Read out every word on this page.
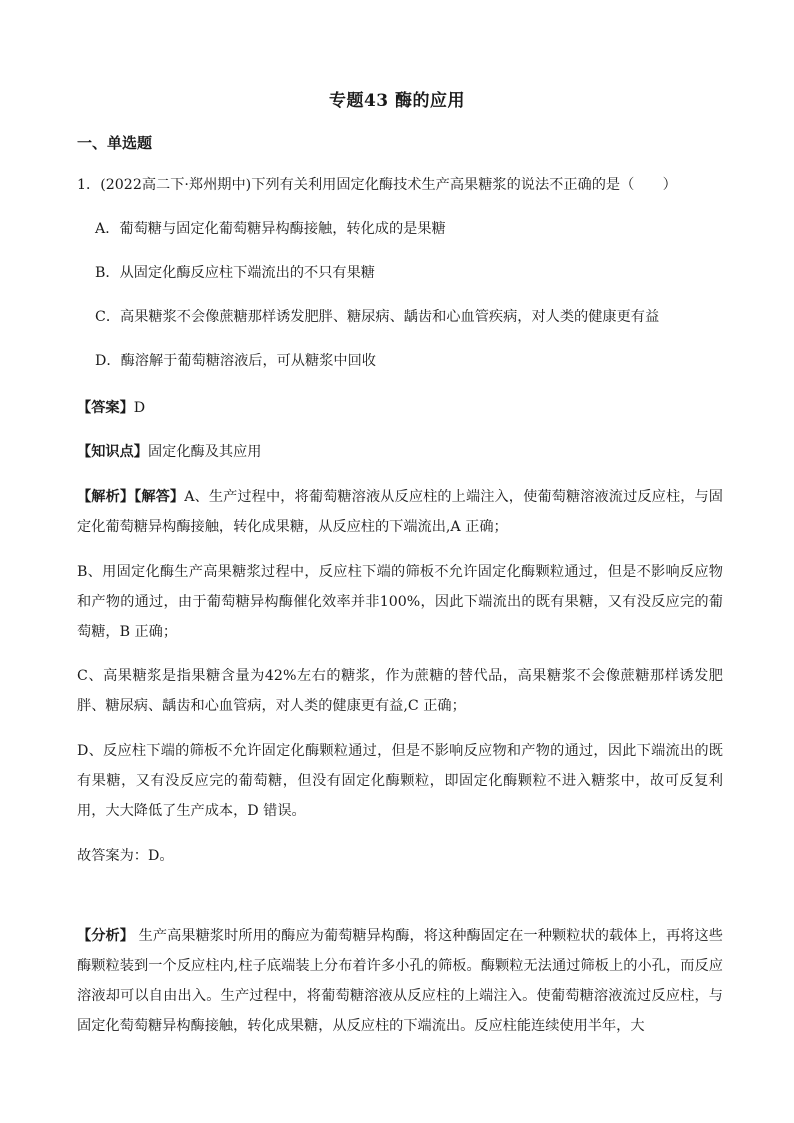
专题43 酶的应用
一、单选题
1．(2022高二下·郑州期中)下列有关利用固定化酶技术生产高果糖浆的说法不正确的是（　　）
A．葡萄糖与固定化葡萄糖异构酶接触，转化成的是果糖
B．从固定化酶反应柱下端流出的不只有果糖
C．高果糖浆不会像蔗糖那样诱发肥胖、糖尿病、龋齿和心血管疾病，对人类的健康更有益
D．酶溶解于葡萄糖溶液后，可从糖浆中回收
【答案】D
【知识点】固定化酶及其应用
【解析】【解答】A、生产过程中，将葡萄糖溶液从反应柱的上端注入，使葡萄糖溶液流过反应柱，与固定化葡萄糖异构酶接触，转化成果糖，从反应柱的下端流出,A 正确；
B、用固定化酶生产高果糖浆过程中，反应柱下端的筛板不允许固定化酶颗粒通过，但是不影响反应物和产物的通过，由于葡萄糖异构酶催化效率并非100%，因此下端流出的既有果糖，又有没反应完的葡萄糖，B 正确；
C、高果糖浆是指果糖含量为42%左右的糖浆，作为蔗糖的替代品，高果糖浆不会像蔗糖那样诱发肥胖、糖尿病、龋齿和心血管病，对人类的健康更有益,C 正确；
D、反应柱下端的筛板不允许固定化酶颗粒通过，但是不影响反应物和产物的通过，因此下端流出的既有果糖，又有没反应完的葡萄糖，但没有固定化酶颗粒，即固定化酶颗粒不进入糖浆中，故可反复利用，大大降低了生产成本，D 错误。
故答案为：D。
【分析】 生产高果糖浆时所用的酶应为葡萄糖异构酶，将这种酶固定在一种颗粒状的载体上，再将这些酶颗粒装到一个反应柱内,柱子底端装上分布着许多小孔的筛板。酶颗粒无法通过筛板上的小孔，而反应溶液却可以自由出入。生产过程中，将葡萄糖溶液从反应柱的上端注入。使葡萄糖溶液流过反应柱，与固定化萄萄糖异构酶接触，转化成果糖，从反应柱的下端流出。反应柱能连续使用半年，大
